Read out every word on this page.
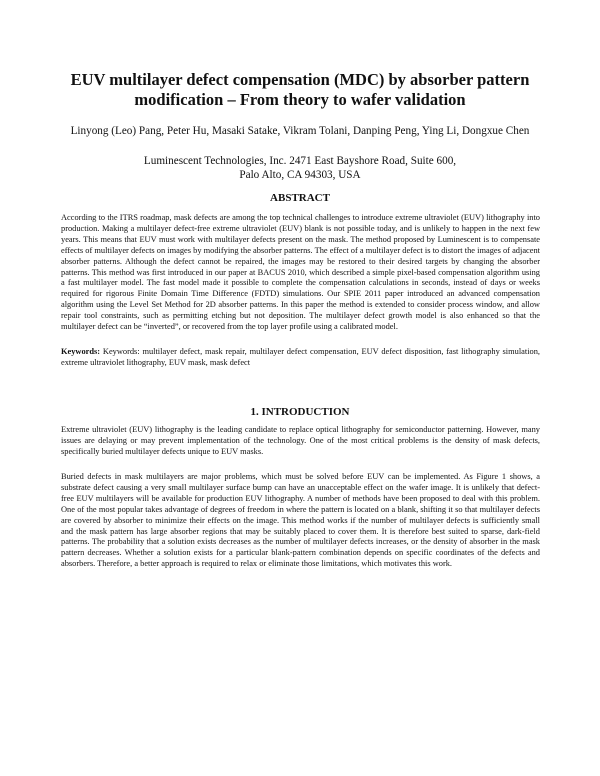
EUV multilayer defect compensation (MDC) by absorber pattern modification – From theory to wafer validation
Linyong (Leo) Pang, Peter Hu, Masaki Satake, Vikram Tolani, Danping Peng, Ying Li, Dongxue Chen
Luminescent Technologies, Inc. 2471 East Bayshore Road, Suite 600,
Palo Alto, CA 94303, USA
ABSTRACT
According to the ITRS roadmap, mask defects are among the top technical challenges to introduce extreme ultraviolet (EUV) lithography into production. Making a multilayer defect-free extreme ultraviolet (EUV) blank is not possible today, and is unlikely to happen in the next few years. This means that EUV must work with multilayer defects present on the mask. The method proposed by Luminescent is to compensate effects of multilayer defects on images by modifying the absorber patterns. The effect of a multilayer defect is to distort the images of adjacent absorber patterns. Although the defect cannot be repaired, the images may be restored to their desired targets by changing the absorber patterns. This method was first introduced in our paper at BACUS 2010, which described a simple pixel-based compensation algorithm using a fast multilayer model. The fast model made it possible to complete the compensation calculations in seconds, instead of days or weeks required for rigorous Finite Domain Time Difference (FDTD) simulations. Our SPIE 2011 paper introduced an advanced compensation algorithm using the Level Set Method for 2D absorber patterns. In this paper the method is extended to consider process window, and allow repair tool constraints, such as permitting etching but not deposition. The multilayer defect growth model is also enhanced so that the multilayer defect can be “inverted”, or recovered from the top layer profile using a calibrated model.
Keywords: Keywords: multilayer defect, mask repair, multilayer defect compensation, EUV defect disposition, fast lithography simulation, extreme ultraviolet lithography, EUV mask, mask defect
1. INTRODUCTION
Extreme ultraviolet (EUV) lithography is the leading candidate to replace optical lithography for semiconductor patterning. However, many issues are delaying or may prevent implementation of the technology. One of the most critical problems is the density of mask defects, specifically buried multilayer defects unique to EUV masks.
Buried defects in mask multilayers are major problems, which must be solved before EUV can be implemented. As Figure 1 shows, a substrate defect causing a very small multilayer surface bump can have an unacceptable effect on the wafer image. It is unlikely that defect-free EUV multilayers will be available for production EUV lithography. A number of methods have been proposed to deal with this problem. One of the most popular takes advantage of degrees of freedom in where the pattern is located on a blank, shifting it so that multilayer defects are covered by absorber to minimize their effects on the image. This method works if the number of multilayer defects is sufficiently small and the mask pattern has large absorber regions that may be suitably placed to cover them. It is therefore best suited to sparse, dark-field patterns. The probability that a solution exists decreases as the number of multilayer defects increases, or the density of absorber in the mask pattern decreases. Whether a solution exists for a particular blank-pattern combination depends on specific coordinates of the defects and absorbers. Therefore, a better approach is required to relax or eliminate those limitations, which motivates this work.
